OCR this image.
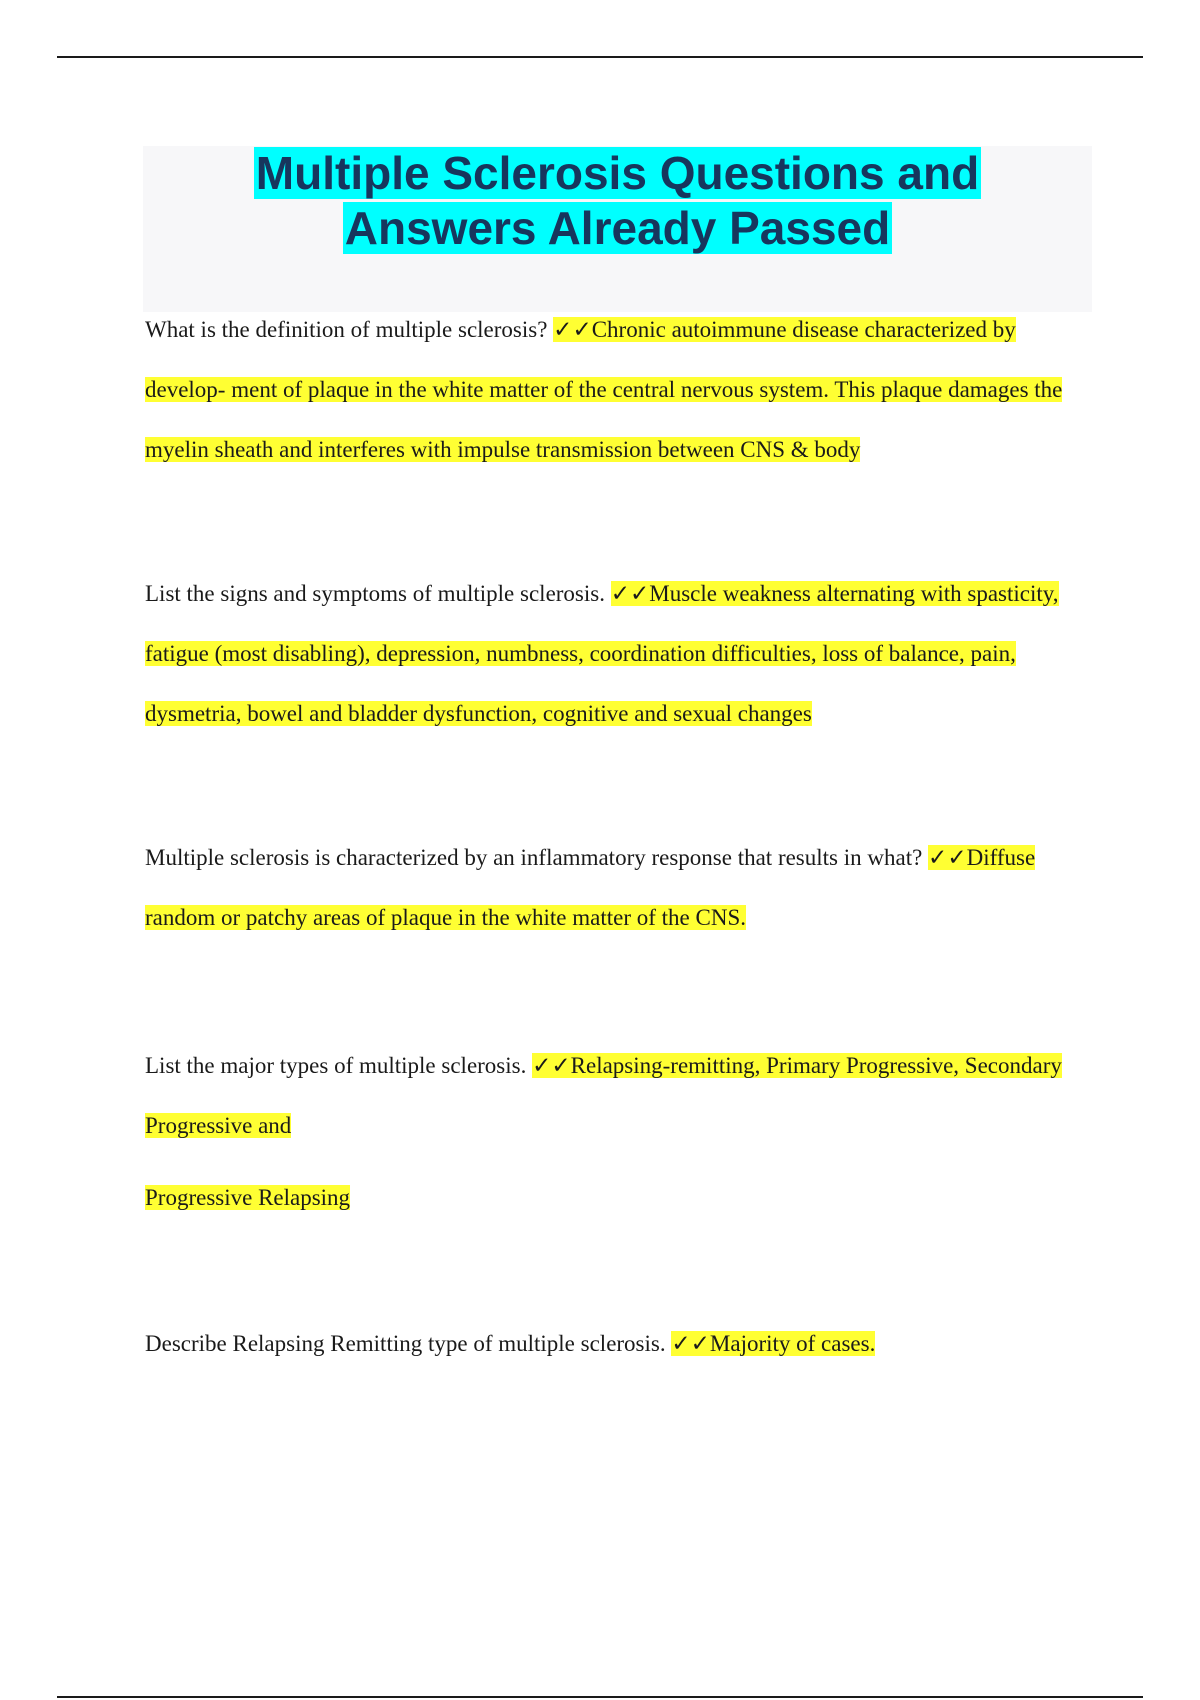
Multiple Sclerosis Questions and
Answers Already Passed

What is the definition of multiple sclerosis? ✓✓Chronic autoimmune disease characterized by develop- ment of plaque in the white matter of the central nervous system. This plaque damages the myelin sheath and interferes with impulse transmission between CNS & body

List the signs and symptoms of multiple sclerosis. ✓✓Muscle weakness alternating with spasticity, fatigue (most disabling), depression, numbness, coordination difficulties, loss of balance, pain, dysmetria, bowel and bladder dysfunction, cognitive and sexual changes

Multiple sclerosis is characterized by an inflammatory response that results in what? ✓✓Diffuse random or patchy areas of plaque in the white matter of the CNS.

List the major types of multiple sclerosis. ✓✓Relapsing-remitting, Primary Progressive, Secondary Progressive and

Progressive Relapsing

Describe Relapsing Remitting type of multiple sclerosis. ✓✓Majority of cases.
